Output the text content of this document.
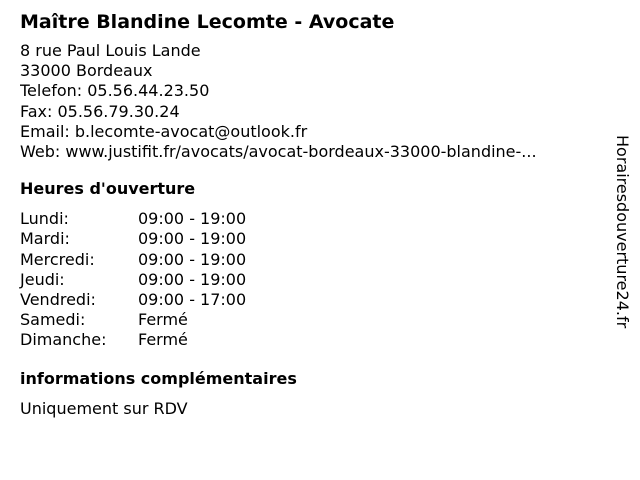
Maître Blandine Lecomte - Avocate
8 rue Paul Louis Lande
33000 Bordeaux
Telefon: 05.56.44.23.50
Fax: 05.56.79.30.24
Email: b.lecomte-avocat@outlook.fr
Web: www.justifit.fr/avocats/avocat-bordeaux-33000-blandine-...
Heures d'ouverture
Lundi:	09:00 - 19:00
Mardi:	09:00 - 19:00
Mercredi:	09:00 - 19:00
Jeudi:	09:00 - 19:00
Vendredi:	09:00 - 17:00
Samedi:	Fermé
Dimanche:	Fermé
informations complémentaires
Uniquement sur RDV
Horairesdouverture24.fr
